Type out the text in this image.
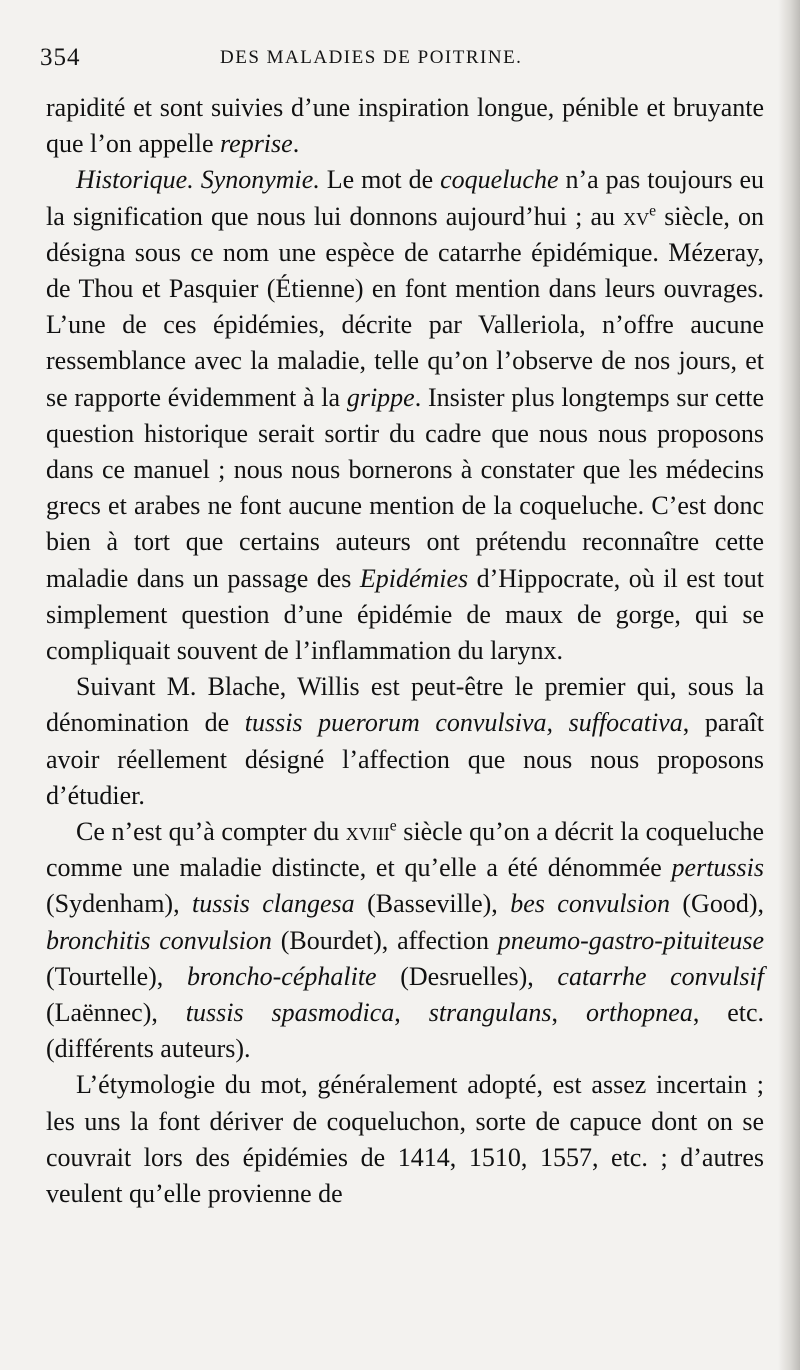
354	DES MALADIES DE POITRINE.

rapidité et sont suivies d’une inspiration longue, pénible et bruyante que l’on appelle reprise.

Historique. Synonymie. Le mot de coqueluche n’a pas toujours eu la signification que nous lui donnons aujourd’hui ; au $xv^e$ siècle, on désigna sous ce nom une espèce de catarrhe épidémique. Mézeray, de Thou et Pasquier (Étienne) en font mention dans leurs ouvrages. L’une de ces épidémies, décrite par Valleriola, n’offre aucune ressemblance avec la maladie, telle qu’on l’observe de nos jours, et se rapporte évidemment à la grippe. Insister plus longtemps sur cette question historique serait sortir du cadre que nous nous proposons dans ce manuel ; nous nous bornerons à constater que les médecins grecs et arabes ne font aucune mention de la coqueluche. C’est donc bien à tort que certains auteurs ont prétendu reconnaître cette maladie dans un passage des Epidémies d’Hippocrate, où il est tout simplement question d’une épidémie de maux de gorge, qui se compliquait souvent de l’inflammation du larynx.

Suivant M. Blache, Willis est peut-être le premier qui, sous la dénomination de tussis puerorum convulsiva, suffocativa, paraît avoir réellement désigné l’affection que nous nous proposons d’étudier.

Ce n’est qu’à compter du xviii$^e$ siècle qu’on a décrit la coqueluche comme une maladie distincte, et qu’elle a été dénommée pertussis (Sydenham), tussis clangesa (Basseville), bes convulsion (Good), bronchitis convulsion (Bourdet), affection pneumo-gastro-pituiteuse (Tourtelle), broncho-céphalite (Desruelles), catarrhe convulsif (Laënnec), tussis spasmodica, strangulans, orthopnea, etc. (différents auteurs).

L’étymologie du mot, généralement adopté, est assez incertain ; les uns la font dériver de coqueluchon, sorte de capuce dont on se couvrait lors des épidémies de 1414, 1510, 1557, etc. ; d’autres veulent qu’elle provienne de
